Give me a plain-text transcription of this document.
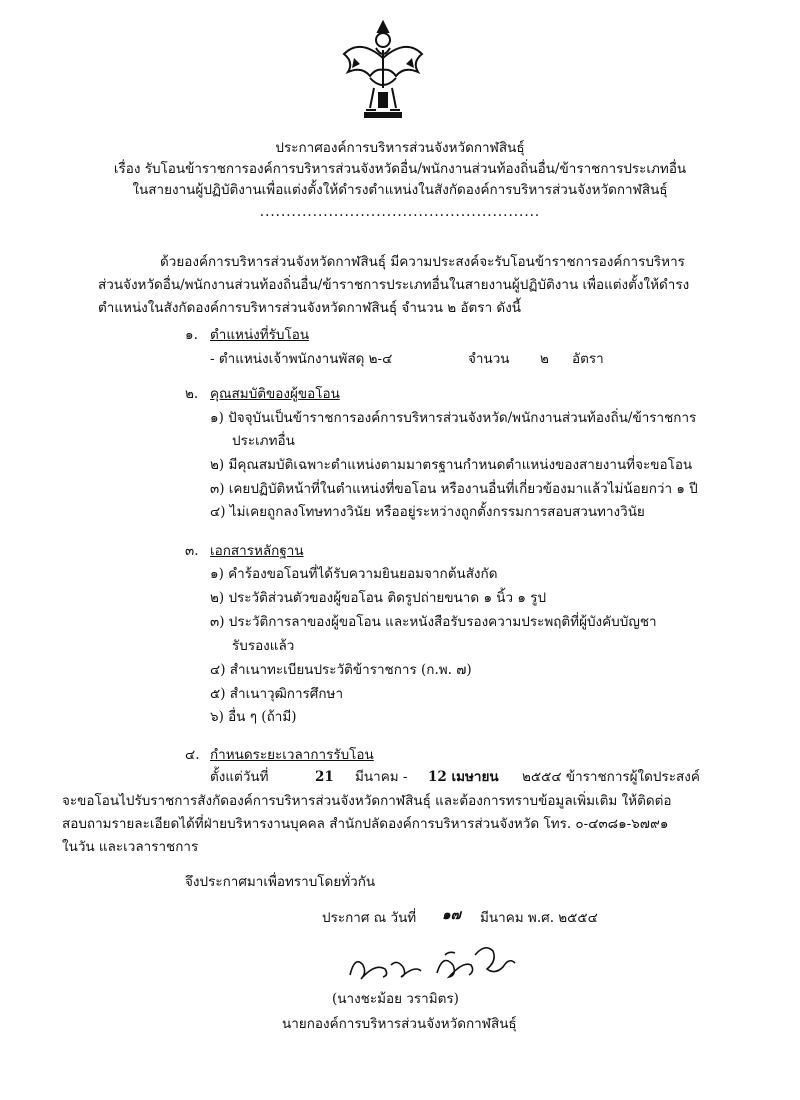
ประกาศองค์การบริหารส่วนจังหวัดกาฬสินธุ์
เรื่อง รับโอนข้าราชการองค์การบริหารส่วนจังหวัดอื่น/พนักงานส่วนท้องถิ่นอื่น/ข้าราชการประเภทอื่น
ในสายงานผู้ปฏิบัติงานเพื่อแต่งตั้งให้ดำรงตำแหน่งในสังกัดองค์การบริหารส่วนจังหวัดกาฬสินธุ์
.....................................................
ด้วยองค์การบริหารส่วนจังหวัดกาฬสินธุ์ มีความประสงค์จะรับโอนข้าราชการองค์การบริหาร
ส่วนจังหวัดอื่น/พนักงานส่วนท้องถิ่นอื่น/ข้าราชการประเภทอื่นในสายงานผู้ปฏิบัติงาน เพื่อแต่งตั้งให้ดำรง
ตำแหน่งในสังกัดองค์การบริหารส่วนจังหวัดกาฬสินธุ์ จำนวน ๒ อัตรา ดังนี้
๑. ตำแหน่งที่รับโอน
- ตำแหน่งเจ้าพนักงานพัสดุ ๒-๔	จำนวน ๒ อัตรา
๒. คุณสมบัติของผู้ขอโอน
๑) ปัจจุบันเป็นข้าราชการองค์การบริหารส่วนจังหวัด/พนักงานส่วนท้องถิ่น/ข้าราชการ
ประเภทอื่น
๒) มีคุณสมบัติเฉพาะตำแหน่งตามมาตรฐานกำหนดตำแหน่งของสายงานที่จะขอโอน
๓) เคยปฏิบัติหน้าที่ในตำแหน่งที่ขอโอน หรืองานอื่นที่เกี่ยวข้องมาแล้วไม่น้อยกว่า ๑ ปี
๔) ไม่เคยถูกลงโทษทางวินัย หรืออยู่ระหว่างถูกตั้งกรรมการสอบสวนทางวินัย
๓. เอกสารหลักฐาน
๑) คำร้องขอโอนที่ได้รับความยินยอมจากต้นสังกัด
๒) ประวัติส่วนตัวของผู้ขอโอน ติดรูปถ่ายขนาด ๑ นิ้ว ๑ รูป
๓) ประวัติการลาของผู้ขอโอน และหนังสือรับรองความประพฤติที่ผู้บังคับบัญชา
รับรองแล้ว
๔) สำเนาทะเบียนประวัติข้าราชการ (ก.พ. ๗)
๕) สำเนาวุฒิการศึกษา
๖) อื่น ๆ (ถ้ามี)
๔. กำหนดระยะเวลาการรับโอน
ตั้งแต่วันที่	21 มีนาคม - 12 เมษายน ๒๕๕๔ ข้าราชการผู้ใดประสงค์
จะขอโอนไปรับราชการสังกัดองค์การบริหารส่วนจังหวัดกาฬสินธุ์ และต้องการทราบข้อมูลเพิ่มเติม ให้ติดต่อ
สอบถามรายละเอียดได้ที่ฝ่ายบริหารงานบุคคล สำนักปลัดองค์การบริหารส่วนจังหวัด โทร. ๐-๔๓๘๑-๖๗๙๑
ในวัน และเวลาราชการ
จึงประกาศมาเพื่อทราบโดยทั่วกัน
ประกาศ ณ วันที่ ๑๗ มีนาคม พ.ศ. ๒๕๕๔
(นางชะม้อย วรามิตร)
นายกองค์การบริหารส่วนจังหวัดกาฬสินธุ์
